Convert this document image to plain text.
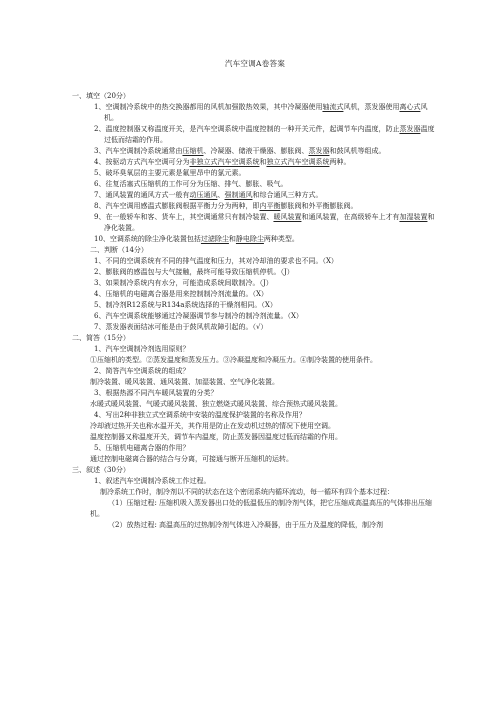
汽车空调A卷答案

一、填空（20分）

1、空调制冷系统中的热交换器都用的风机加强散热效果，其中冷凝器使用轴流式风机，蒸发器使用离心式风机。

2、温度控制器又称温度开关，是汽车空调系统中温度控制的一种开关元件，起调节车内温度，防止蒸发器温度过低而结霜的作用。

3、汽车空调制冷系统通常由压缩机、冷凝器、储液干燥器、膨胀阀、蒸发器和鼓风机等组成。

4、按驱动方式汽车空调可分为非独立式汽车空调系统和独立式汽车空调系统两种。

5、破坏臭氧层的主要元素是氟里昂中的氯元素。

6、往复活塞式压缩机的工作可分为压缩、排气、膨胀、吸气。

7、通风装置的通风方式一般有动压通风、强制通风和综合通风三种方式。

8、汽车空调用感温式膨胀阀根据平衡力分为两种，即内平衡膨胀阀和外平衡膨胀阀。

9、在一般轿车和客、货车上，其空调通常只有制冷装置、暖风装置和通风装置，在高级轿车上才有加湿装置和净化装置。

10、空调系统的除尘净化装置包括过滤除尘和静电除尘两种类型。

二、判断（14分）

1、不同的空调系统有不同的排气温度和压力，其对冷却油的要求也不同。（X）

2、膨胀阀的感温包与大气接触，最终可能导致压缩机停机。（J）

3、如果制冷系统内有水分，可能造成系统间歇制冷。（J）

4、压缩机的电磁离合器是用来控制制冷剂流量的。（X）

5、制冷剂R12系统与R134a系统选择的干燥剂相同。（X）

6、汽车空调系统能够通过冷凝器调节参与制冷的制冷剂流量。（X）

7、蒸发器表面结冰可能是由于鼓风机故障引起的。（√）

二、简答（15分）

1、汽车空调制冷剂选用原则？

①压缩机的类型。②蒸发温度和蒸发压力。③冷凝温度和冷凝压力。④制冷装置的使用条件。

2、简答汽车空调系统的组成？

制冷装置、暖风装置、通风装置、加湿装置、空气净化装置。

3、根据热源不同汽车暖风装置的分类？

水暖式暖风装置、气暖式暖风装置、独立燃烧式暖风装置、综合预热式暖风装置。

4、写出2种非独立式空调系统中安装的温度保护装置的名称及作用？

冷却液过热开关也称水温开关，其作用是防止在发动机过热的情况下使用空调。

温度控制器又称温度开关，调节车内温度，防止蒸发器因温度过低而结霜的作用。

5、压缩机电磁离合器的作用？

通过控制电磁离合器的结合与分离，可接通与断开压缩机的运转。

三、叙述（30分）

1、叙述汽车空调制冷系统工作过程。

制冷系统工作时，制冷剂以不同的状态在这个密闭系统内循环流动，每一循环有四个基本过程：

（1）压缩过程: 压缩机吸入蒸发器出口处的低温低压的制冷剂气体，把它压缩成高温高压的气体排出压缩机。

（2）放热过程: 高温高压的过热制冷剂气体进入冷凝器，由于压力及温度的降低，制冷剂
